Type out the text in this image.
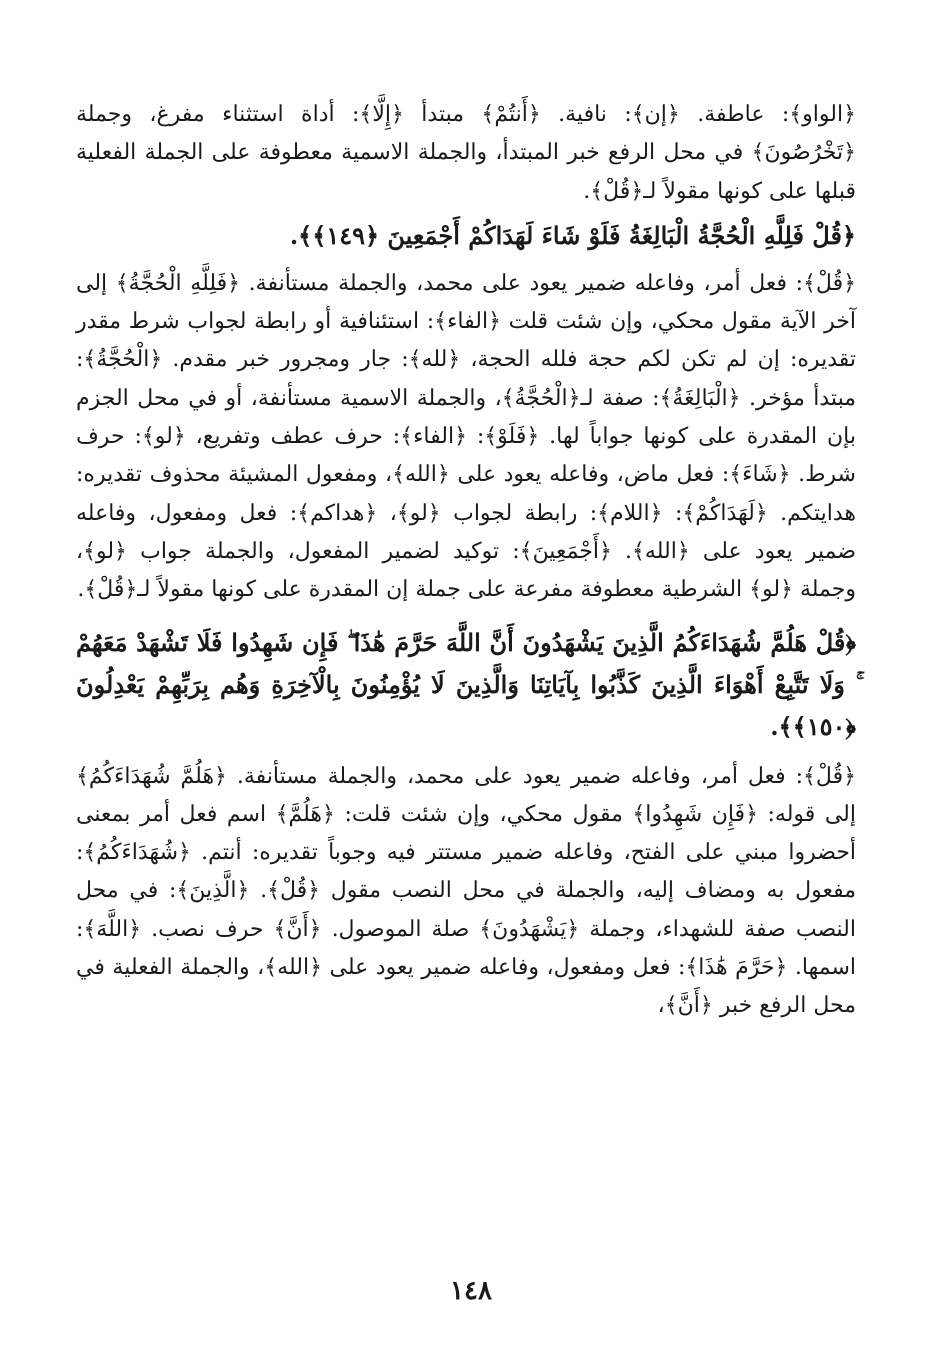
﴿الواو﴾: عاطفة. ﴿إن﴾: نافية. ﴿أَنتُمْ﴾ مبتدأ ﴿إِلَّا﴾: أداة استثناء مفرغ، وجملة ﴿تَخْرُصُونَ﴾ في محل الرفع خبر المبتدأ، والجملة الاسمية معطوفة على الجملة الفعلية قبلها على كونها مقولاً لـ﴿قُلْ﴾.

﴿قُلْ فَلِلَّهِ الْحُجَّةُ الْبَالِغَةُ فَلَوْ شَاءَ لَهَدَاكُمْ أَجْمَعِينَ ﴿١٤٩﴾﴾.

﴿قُلْ﴾: فعل أمر، وفاعله ضمير يعود على محمد، والجملة مستأنفة. ﴿فَلِلَّهِ الْحُجَّةُ﴾ إلى آخر الآية مقول محكي، وإن شئت قلت ﴿الفاء﴾: استئنافية أو رابطة لجواب شرط مقدر تقديره: إن لم تكن لكم حجة فلله الحجة، ﴿لله﴾: جار ومجرور خبر مقدم. ﴿الْحُجَّةُ﴾: مبتدأ مؤخر. ﴿الْبَالِغَةُ﴾: صفة لـ﴿الْحُجَّةُ﴾، والجملة الاسمية مستأنفة، أو في محل الجزم بإن المقدرة على كونها جواباً لها. ﴿فَلَوْ﴾: ﴿الفاء﴾: حرف عطف وتفريع، ﴿لو﴾: حرف شرط. ﴿شَاءَ﴾: فعل ماض، وفاعله يعود على ﴿الله﴾، ومفعول المشيئة محذوف تقديره: هدايتكم. ﴿لَهَدَاكُمْ﴾: ﴿اللام﴾: رابطة لجواب ﴿لو﴾، ﴿هداكم﴾: فعل ومفعول، وفاعله ضمير يعود على ﴿الله﴾. ﴿أَجْمَعِينَ﴾: توكيد لضمير المفعول، والجملة جواب ﴿لو﴾، وجملة ﴿لو﴾ الشرطية معطوفة مفرعة على جملة إن المقدرة على كونها مقولاً لـ﴿قُلْ﴾.

﴿قُلْ هَلُمَّ شُهَدَاءَكُمُ الَّذِينَ يَشْهَدُونَ أَنَّ اللَّهَ حَرَّمَ هَٰذَا ۖ فَإِن شَهِدُوا فَلَا تَشْهَدْ مَعَهُمْ ۚ وَلَا تَتَّبِعْ أَهْوَاءَ الَّذِينَ كَذَّبُوا بِآيَاتِنَا وَالَّذِينَ لَا يُؤْمِنُونَ بِالْآخِرَةِ وَهُم بِرَبِّهِمْ يَعْدِلُونَ ﴿١٥٠﴾﴾.

﴿قُلْ﴾: فعل أمر، وفاعله ضمير يعود على محمد، والجملة مستأنفة. ﴿هَلُمَّ شُهَدَاءَكُمُ﴾ إلى قوله: ﴿فَإِن شَهِدُوا﴾ مقول محكي، وإن شئت قلت: ﴿هَلُمَّ﴾ اسم فعل أمر بمعنى أحضروا مبني على الفتح، وفاعله ضمير مستتر فيه وجوباً تقديره: أنتم. ﴿شُهَدَاءَكُمُ﴾: مفعول به ومضاف إليه، والجملة في محل النصب مقول ﴿قُلْ﴾. ﴿الَّذِينَ﴾: في محل النصب صفة للشهداء، وجملة ﴿يَشْهَدُونَ﴾ صلة الموصول. ﴿أَنَّ﴾ حرف نصب. ﴿اللَّهَ﴾: اسمها. ﴿حَرَّمَ هَٰذَا﴾: فعل ومفعول، وفاعله ضمير يعود على ﴿الله﴾، والجملة الفعلية في محل الرفع خبر ﴿أَنَّ﴾،

١٤٨
